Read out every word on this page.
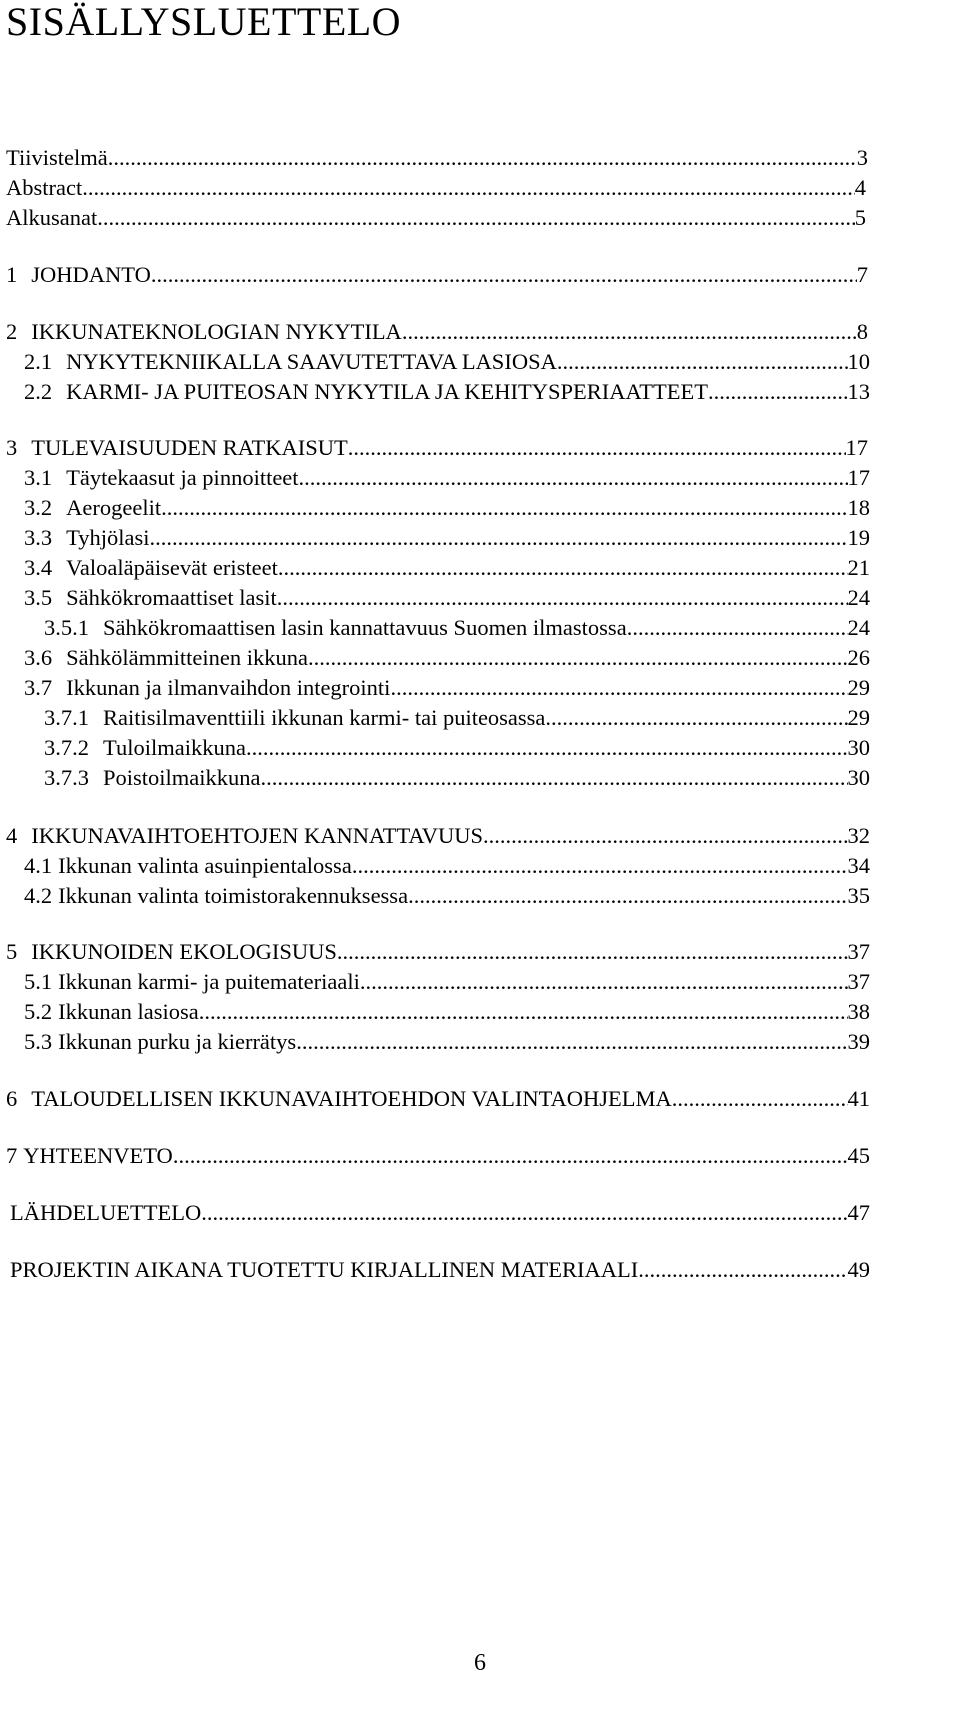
SISÄLLYSLUETTELO
Tiivistelmä .....	3
Abstract .....	4
Alkusanat .....	5
1 JOHDANTO .....	7
2 IKKUNATEKNOLOGIAN NYKYTILA .....	8
2.1 NYKYTEKNIIKALLA SAAVUTETTAVA LASIOSA .....	10
2.2 KARMI- JA PUITEOSAN NYKYTILA JA KEHITYSPERIAATTEET .....	13
3 TULEVAISUUDEN RATKAISUT .....	17
3.1 Täytekaasut ja pinnoitteet .....	17
3.2 Aerogeelit .....	18
3.3 Tyhjölasi .....	19
3.4 Valoaläpäisevät eristeet .....	21
3.5 Sähkökromaattiset lasit .....	24
3.5.1 Sähkökromaattisen lasin kannattavuus Suomen ilmastossa .....	24
3.6 Sähkölämmitteinen ikkuna .....	26
3.7 Ikkunan ja ilmanvaihdon integrointi .....	29
3.7.1 Raitisilmaventtiili ikkunan karmi- tai puiteosassa .....	29
3.7.2 Tuloilmaikkuna .....	30
3.7.3 Poistoilmaikkuna .....	30
4 IKKUNAVAIHTOEHTOJEN KANNATTAVUUS .....	32
4.1 Ikkunan valinta asuinpientalossa .....	34
4.2 Ikkunan valinta toimistorakennuksessa .....	35
5 IKKUNOIDEN EKOLOGISUUS .....	37
5.1 Ikkunan karmi- ja puitemateriaali .....	37
5.2 Ikkunan lasiosa .....	38
5.3 Ikkunan purku ja kierrätys .....	39
6 TALOUDELLISEN IKKUNAVAIHTOEHDON VALINTAOHJELMA .....	41
7 YHTEENVETO .....	45
LÄHDELUETTELO .....	47
PROJEKTIN AIKANA TUOTETTU KIRJALLINEN MATERIAALI .....	49
6
